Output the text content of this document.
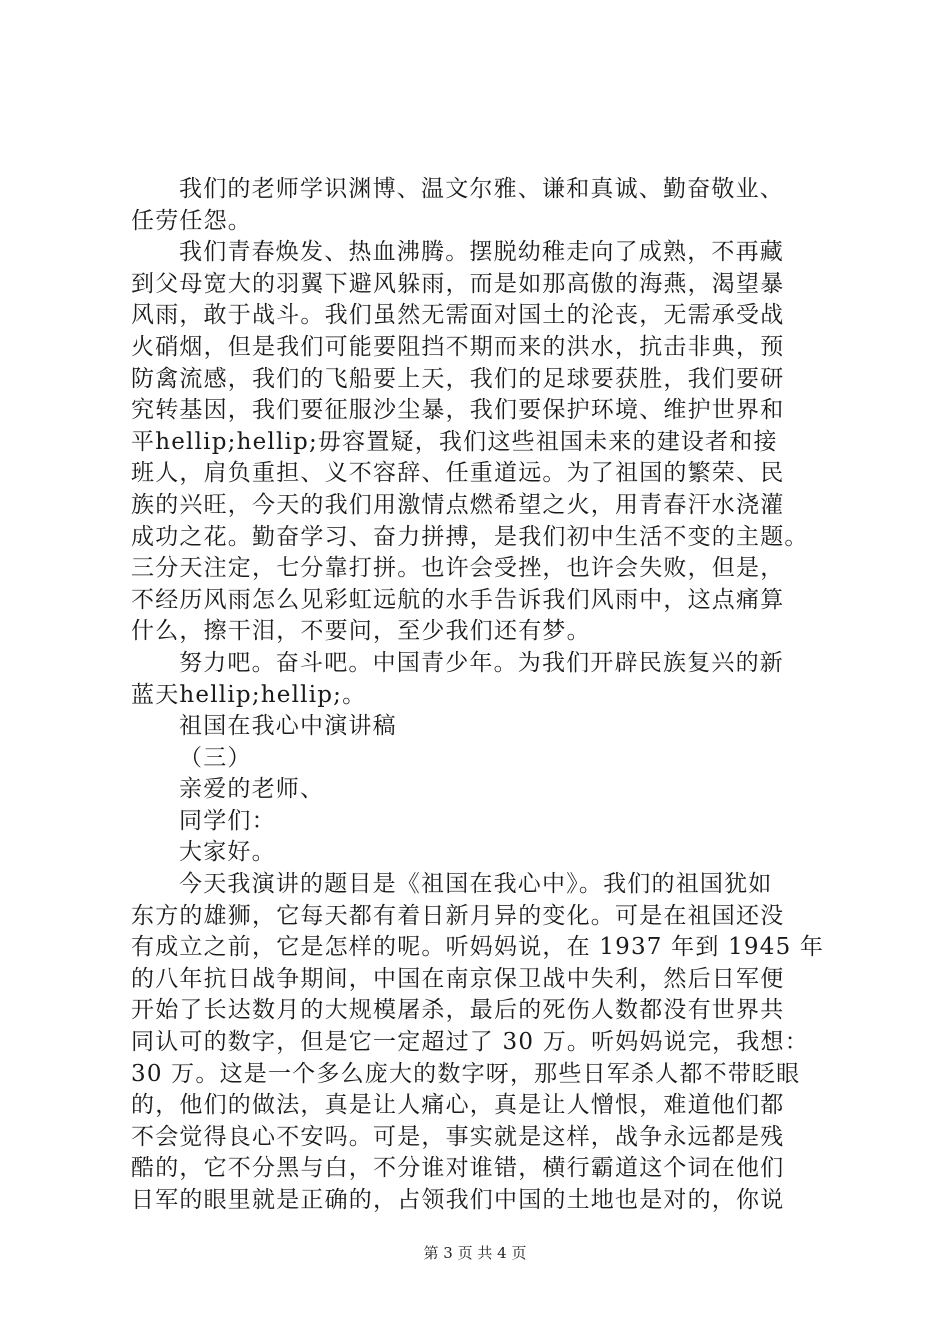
我们的老师学识渊博、温文尔雅、谦和真诚、勤奋敬业、
任劳任怨。
我们青春焕发、热血沸腾。摆脱幼稚走向了成熟，不再藏
到父母宽大的羽翼下避风躲雨，而是如那高傲的海燕，渴望暴
风雨，敢于战斗。我们虽然无需面对国土的沦丧，无需承受战
火硝烟，但是我们可能要阻挡不期而来的洪水，抗击非典，预
防禽流感，我们的飞船要上天，我们的足球要获胜，我们要研
究转基因，我们要征服沙尘暴，我们要保护环境、维护世界和
平hellip;hellip;毋容置疑，我们这些祖国未来的建设者和接
班人，肩负重担、义不容辞、任重道远。为了祖国的繁荣、民
族的兴旺，今天的我们用激情点燃希望之火，用青春汗水浇灌
成功之花。勤奋学习、奋力拼搏，是我们初中生活不变的主题。
三分天注定，七分靠打拼。也许会受挫，也许会失败，但是，
不经历风雨怎么见彩虹远航的水手告诉我们风雨中，这点痛算
什么，擦干泪，不要问，至少我们还有梦。
努力吧。奋斗吧。中国青少年。为我们开辟民族复兴的新
蓝天hellip;hellip;。
祖国在我心中演讲稿
（三）
亲爱的老师、
同学们：
大家好。
今天我演讲的题目是《祖国在我心中》。我们的祖国犹如
东方的雄狮，它每天都有着日新月异的变化。可是在祖国还没
有成立之前，它是怎样的呢。听妈妈说，在 1937 年到 1945 年
的八年抗日战争期间，中国在南京保卫战中失利，然后日军便
开始了长达数月的大规模屠杀，最后的死伤人数都没有世界共
同认可的数字，但是它一定超过了 30 万。听妈妈说完，我想：
30 万。这是一个多么庞大的数字呀，那些日军杀人都不带眨眼
的，他们的做法，真是让人痛心，真是让人憎恨，难道他们都
不会觉得良心不安吗。可是，事实就是这样，战争永远都是残
酷的，它不分黑与白，不分谁对谁错，横行霸道这个词在他们
日军的眼里就是正确的，占领我们中国的土地也是对的，你说
第 3 页 共 4 页
